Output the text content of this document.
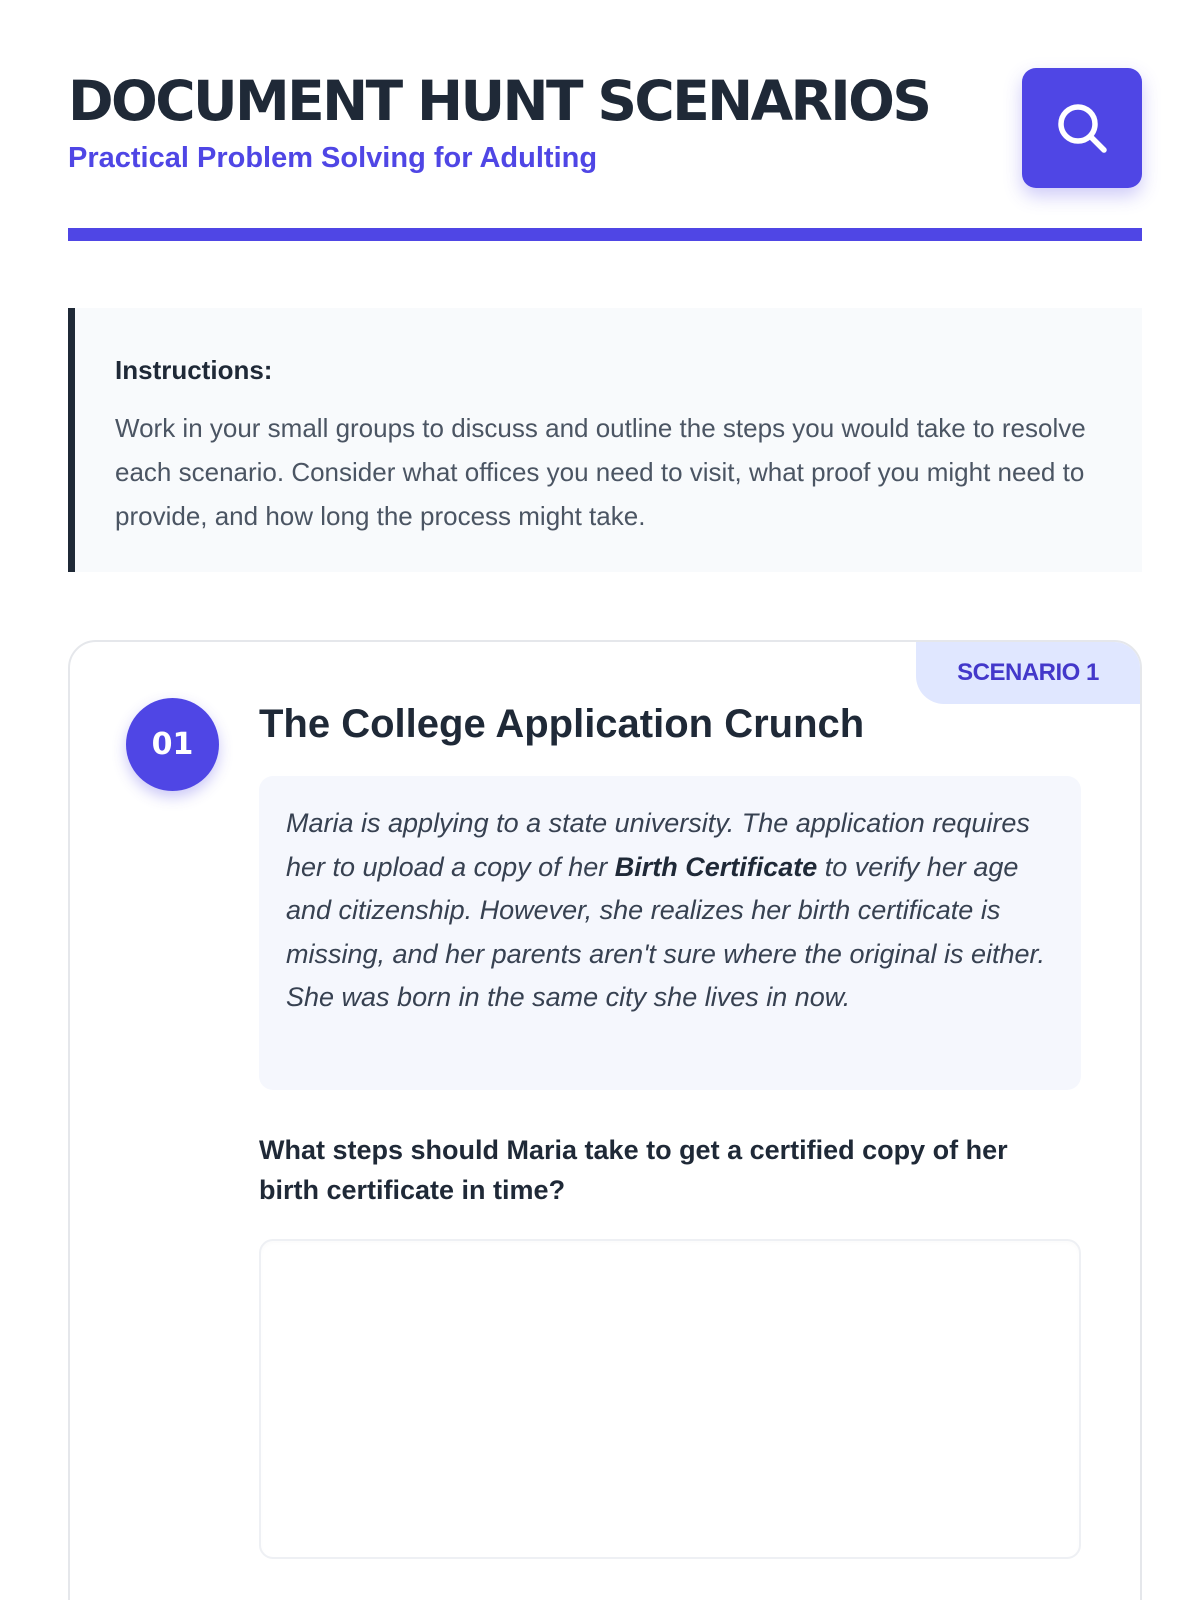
DOCUMENT HUNT SCENARIOS

Practical Problem Solving for Adulting

Instructions:

Work in your small groups to discuss and outline the steps you would take to resolve each scenario. Consider what offices you need to visit, what proof you might need to provide, and how long the process might take.

SCENARIO 1
01	The College Application Crunch
Maria is applying to a state university. The application requires her to upload a copy of her Birth Certificate to verify her age and citizenship. However, she realizes her birth certificate is missing, and her parents aren't sure where the original is either. She was born in the same city she lives in now.

What steps should Maria take to get a certified copy of her birth certificate in time?
